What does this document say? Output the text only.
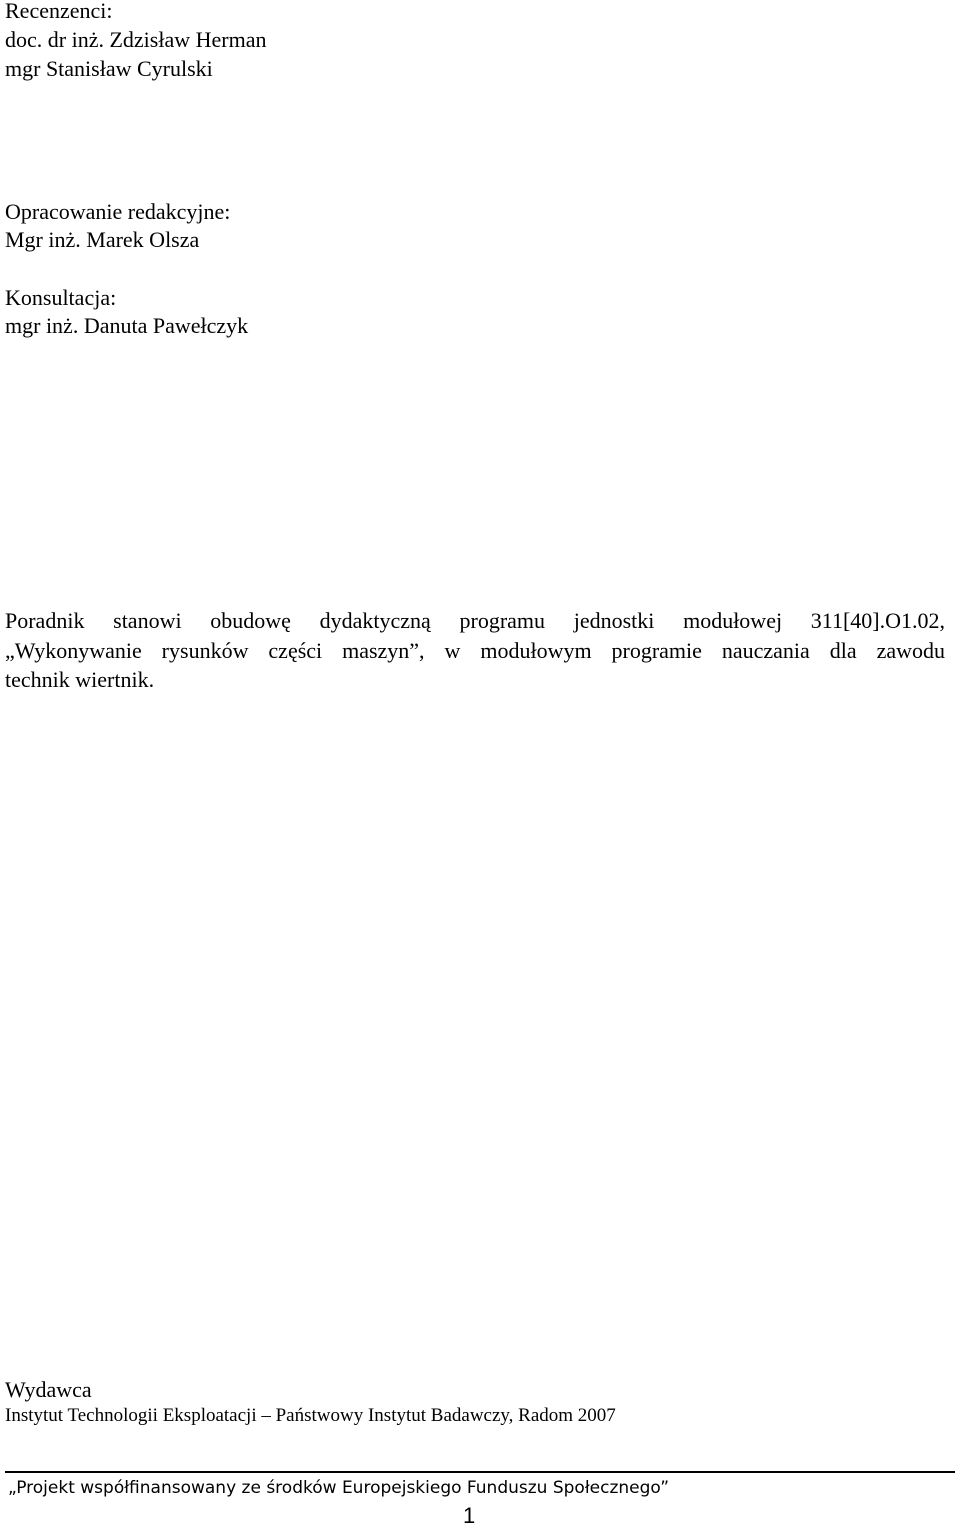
Recenzenci:
doc. dr inż. Zdzisław Herman
mgr Stanisław Cyrulski
Opracowanie redakcyjne:
Mgr inż. Marek Olsza
Konsultacja:
mgr inż. Danuta Pawełczyk
Poradnik stanowi obudowę dydaktyczną programu jednostki modułowej 311[40].O1.02,
„Wykonywanie rysunków części maszyn”, w modułowym programie nauczania dla zawodu
technik wiertnik.
Wydawca
Instytut Technologii Eksploatacji – Państwowy Instytut Badawczy, Radom 2007
„Projekt współfinansowany ze środków Europejskiego Funduszu Społecznego”
1
